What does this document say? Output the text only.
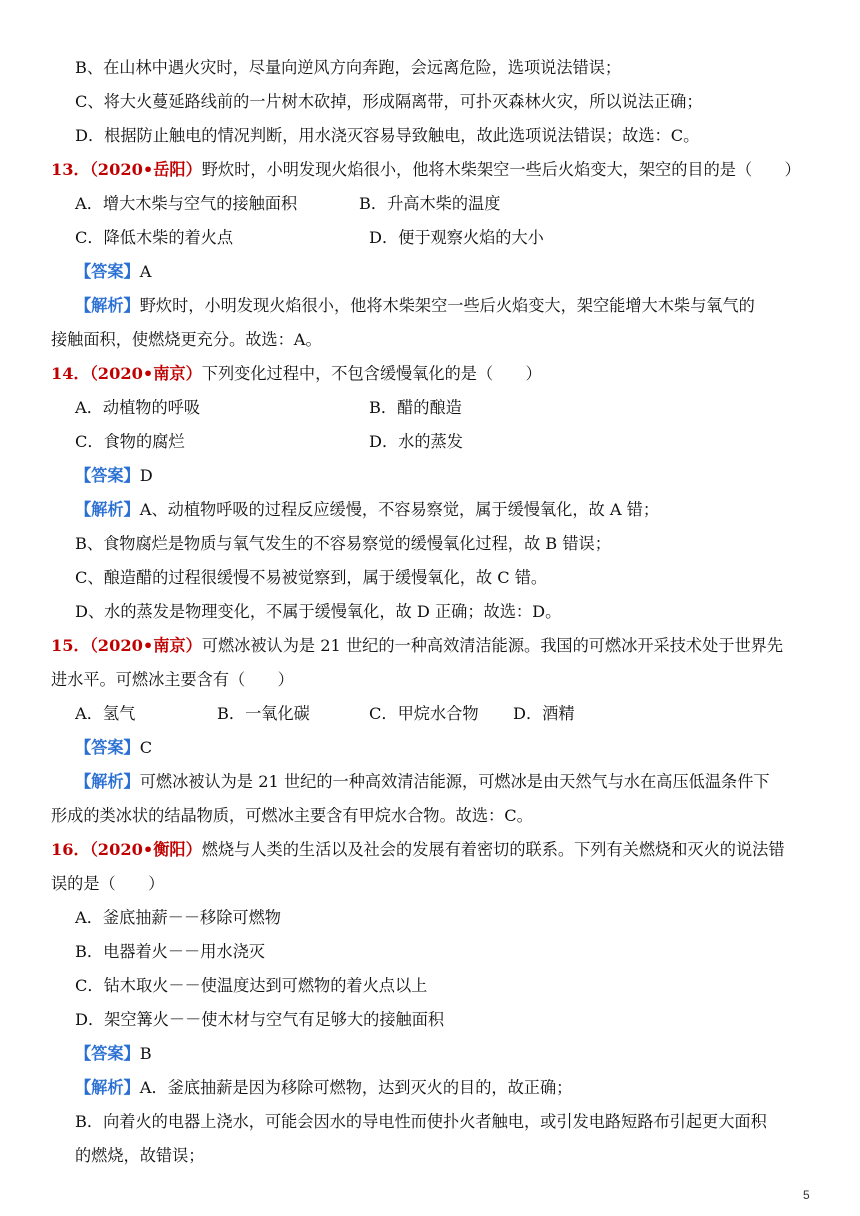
B、在山林中遇火灾时，尽量向逆风方向奔跑，会远离危险，选项说法错误；
C、将大火蔓延路线前的一片树木砍掉，形成隔离带，可扑灭森林火灾，所以说法正确；
D．根据防止触电的情况判断，用水浇灭容易导致触电，故此选项说法错误；故选：C。
13．（2020•岳阳）野炊时，小明发现火焰很小，他将木柴架空一些后火焰变大，架空的目的是（　　）
A．增大木柴与空气的接触面积	B．升高木柴的温度
C．降低木柴的着火点	D．便于观察火焰的大小
【答案】A
【解析】野炊时，小明发现火焰很小，他将木柴架空一些后火焰变大，架空能增大木柴与氧气的
接触面积，使燃烧更充分。故选：A。
14．（2020•南京）下列变化过程中，不包含缓慢氧化的是（　　）
A．动植物的呼吸	B．醋的酿造
C．食物的腐烂	D．水的蒸发
【答案】D
【解析】A、动植物呼吸的过程反应缓慢，不容易察觉，属于缓慢氧化，故 A 错；
B、食物腐烂是物质与氧气发生的不容易察觉的缓慢氧化过程，故 B 错误；
C、酿造醋的过程很缓慢不易被觉察到，属于缓慢氧化，故 C 错。
D、水的蒸发是物理变化，不属于缓慢氧化，故 D 正确；故选：D。
15．（2020•南京）可燃冰被认为是 21 世纪的一种高效清洁能源。我国的可燃冰开采技术处于世界先
进水平。可燃冰主要含有（　　）
A．氢气	B．一氧化碳	C．甲烷水合物 D．酒精
【答案】C
【解析】可燃冰被认为是 21 世纪的一种高效清洁能源，可燃冰是由天然气与水在高压低温条件下
形成的类冰状的结晶物质，可燃冰主要含有甲烷水合物。故选：C。
16．（2020•衡阳）燃烧与人类的生活以及社会的发展有着密切的联系。下列有关燃烧和灭火的说法错
误的是（　　）
A．釜底抽薪－－移除可燃物
B．电器着火－－用水浇灭
C．钻木取火－－使温度达到可燃物的着火点以上
D．架空篝火－－使木材与空气有足够大的接触面积
【答案】B
【解析】A．釜底抽薪是因为移除可燃物，达到灭火的目的，故正确；
B．向着火的电器上浇水，可能会因水的导电性而使扑火者触电，或引发电路短路布引起更大面积
的燃烧，故错误；
5
